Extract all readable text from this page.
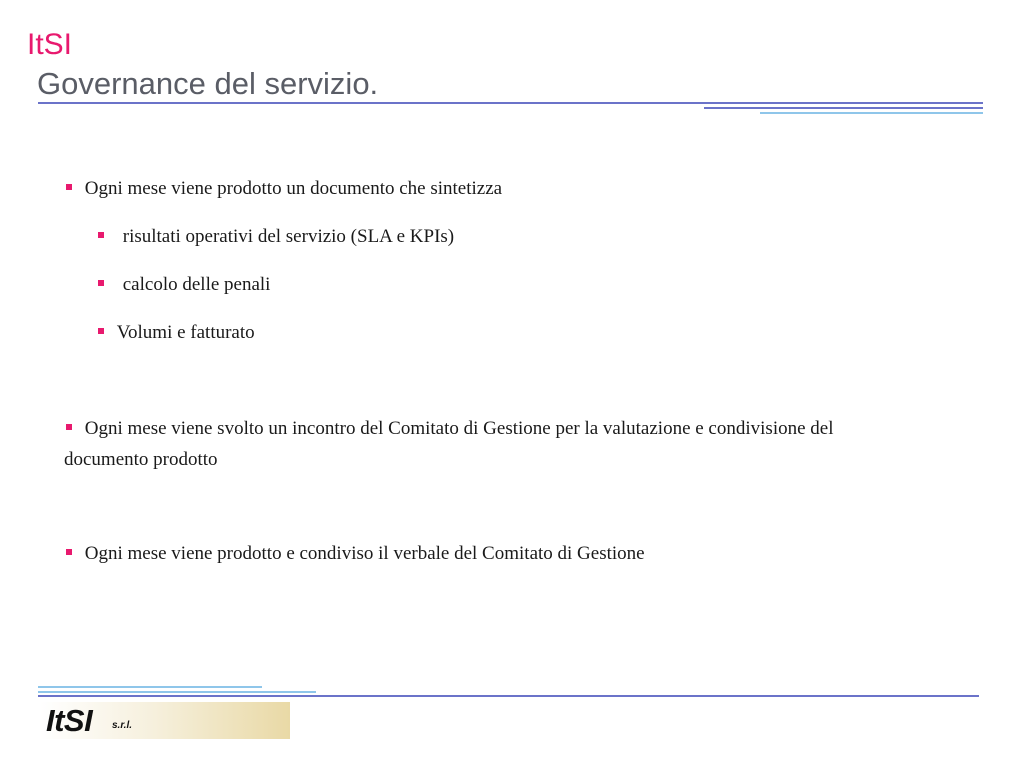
ItSI
Governance del servizio.
Ogni mese viene prodotto un documento che sintetizza
risultati operativi del servizio (SLA e KPIs)
calcolo delle penali
Volumi e fatturato
Ogni mese viene svolto un incontro del Comitato di Gestione per la valutazione e condivisione del
documento prodotto
Ogni mese viene prodotto e condiviso il verbale del Comitato di Gestione
ItSI s.r.l.
